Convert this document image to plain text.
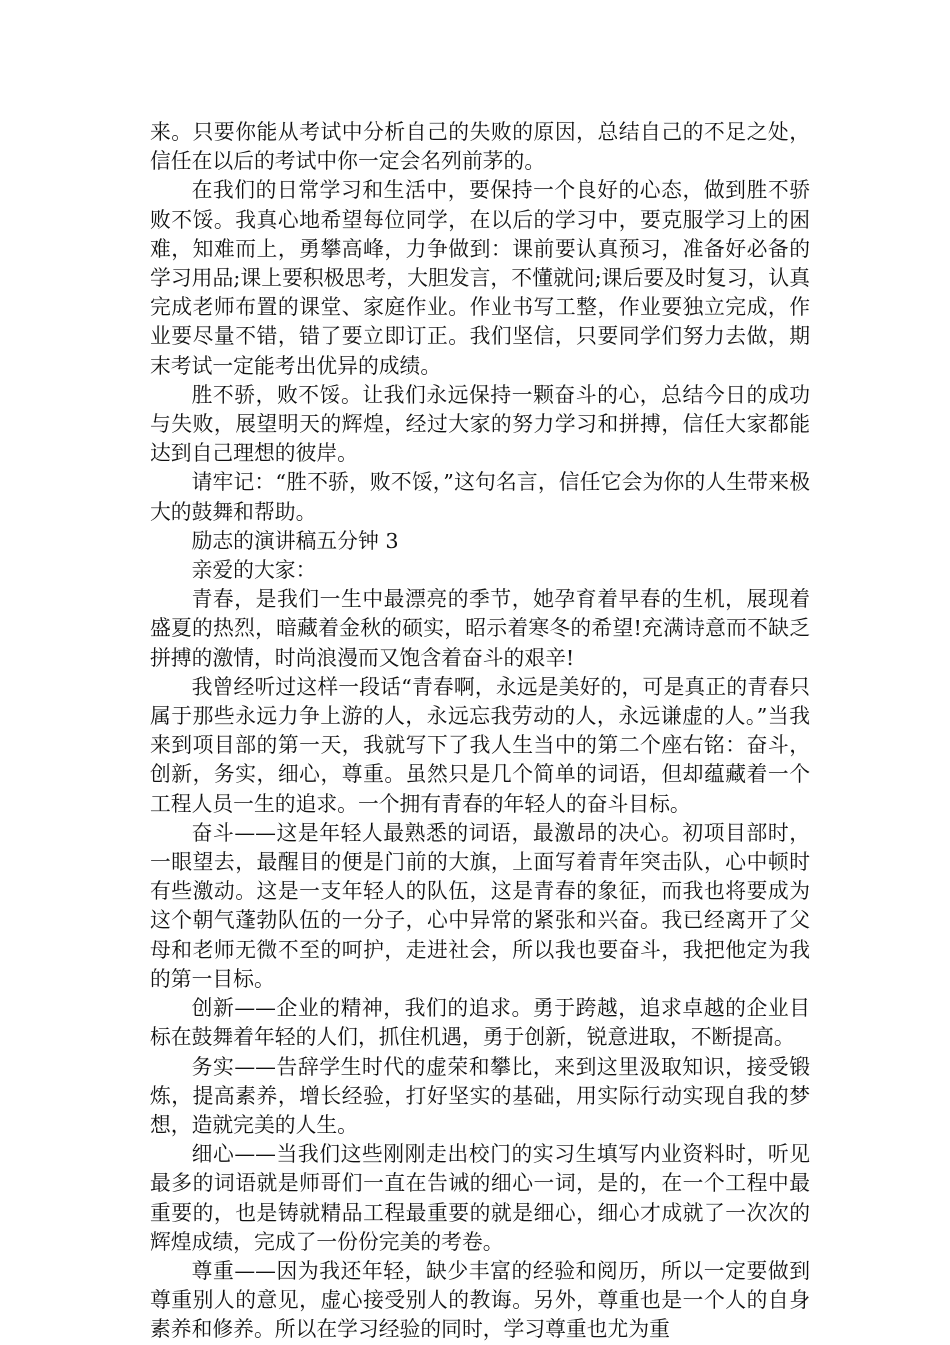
来。只要你能从考试中分析自己的失败的原因，总结自己的不足之处，信任在以后的考试中你一定会名列前茅的。

在我们的日常学习和生活中，要保持一个良好的心态，做到胜不骄败不馁。我真心地希望每位同学，在以后的学习中，要克服学习上的困难，知难而上，勇攀高峰，力争做到：课前要认真预习，准备好必备的学习用品;课上要积极思考，大胆发言，不懂就问;课后要及时复习，认真完成老师布置的课堂、家庭作业。作业书写工整，作业要独立完成，作业要尽量不错，错了要立即订正。我们坚信，只要同学们努力去做，期末考试一定能考出优异的成绩。

胜不骄，败不馁。让我们永远保持一颗奋斗的心，总结今日的成功与失败，展望明天的辉煌，经过大家的努力学习和拼搏，信任大家都能达到自己理想的彼岸。

请牢记：“胜不骄，败不馁，”这句名言，信任它会为你的人生带来极大的鼓舞和帮助。

励志的演讲稿五分钟 3

亲爱的大家：

青春，是我们一生中最漂亮的季节，她孕育着早春的生机，展现着盛夏的热烈，暗藏着金秋的硕实，昭示着寒冬的希望!充满诗意而不缺乏拼搏的激情，时尚浪漫而又饱含着奋斗的艰辛!

我曾经听过这样一段话“青春啊，永远是美好的，可是真正的青春只属于那些永远力争上游的人，永远忘我劳动的人，永远谦虚的人。”当我来到项目部的第一天，我就写下了我人生当中的第二个座右铭：奋斗，创新，务实，细心，尊重。虽然只是几个简单的词语，但却蕴藏着一个工程人员一生的追求。一个拥有青春的年轻人的奋斗目标。

奋斗——这是年轻人最熟悉的词语，最激昂的决心。初项目部时，一眼望去，最醒目的便是门前的大旗，上面写着青年突击队，心中顿时有些激动。这是一支年轻人的队伍，这是青春的象征，而我也将要成为这个朝气蓬勃队伍的一分子，心中异常的紧张和兴奋。我已经离开了父母和老师无微不至的呵护，走进社会，所以我也要奋斗，我把他定为我的第一目标。

创新——企业的精神，我们的追求。勇于跨越，追求卓越的企业目标在鼓舞着年轻的人们，抓住机遇，勇于创新，锐意进取，不断提高。

务实——告辞学生时代的虚荣和攀比，来到这里汲取知识，接受锻炼，提高素养，增长经验，打好坚实的基础，用实际行动实现自我的梦想，造就完美的人生。

细心——当我们这些刚刚走出校门的实习生填写内业资料时，听见最多的词语就是师哥们一直在告诫的细心一词，是的，在一个工程中最重要的，也是铸就精品工程最重要的就是细心，细心才成就了一次次的辉煌成绩，完成了一份份完美的考卷。

尊重——因为我还年轻，缺少丰富的经验和阅历，所以一定要做到尊重别人的意见，虚心接受别人的教诲。另外，尊重也是一个人的自身素养和修养。所以在学习经验的同时，学习尊重也尤为重
